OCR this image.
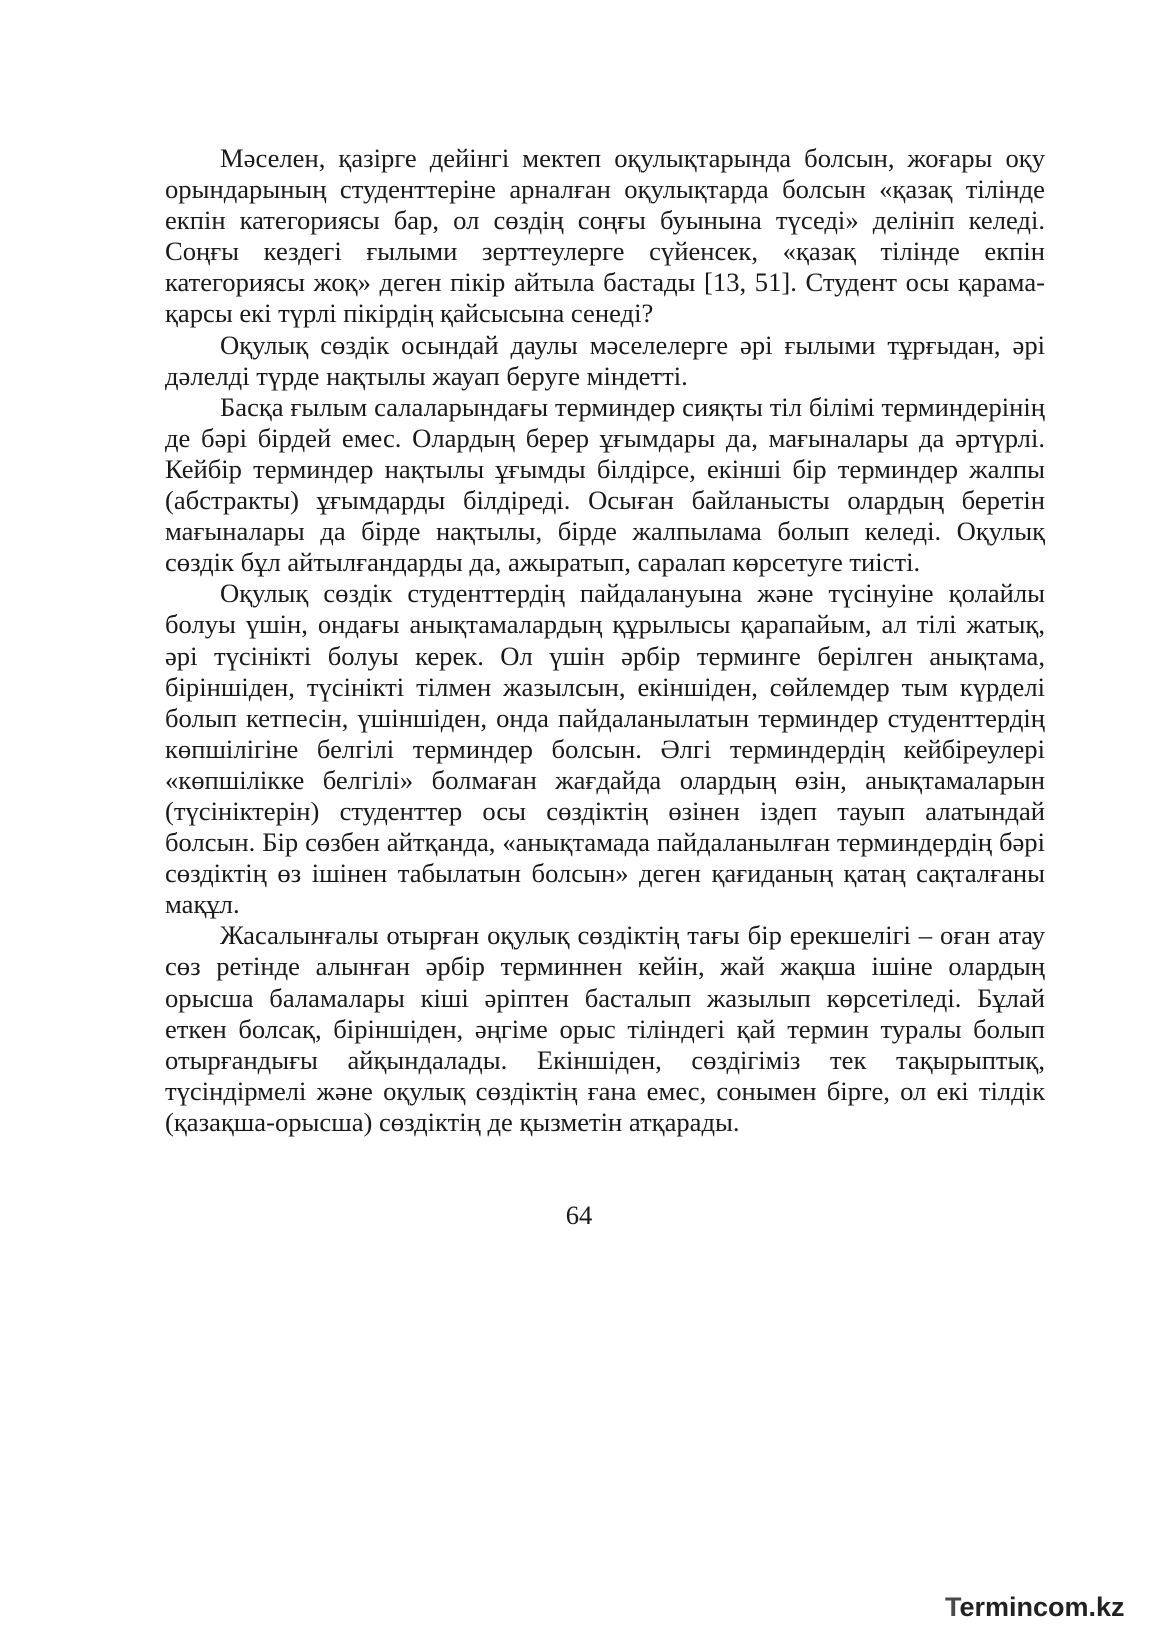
Мәселен, қазірге дейінгі мектеп оқулықтарында болсын, жоғары оқу орындарының студенттеріне арналған оқулықтарда болсын «қазақ тілінде екпін категориясы бар, ол сөздің соңғы буынына түседі» делініп келеді. Соңғы кездегі ғылыми зерттеулерге сүйенсек, «қазақ тілінде екпін категориясы жоқ» деген пікір айтыла бастады [13, 51]. Студент осы қарама-қарсы екі түрлі пікірдің қайсысына сенеді?

Оқулық сөздік осындай даулы мәселелерге әрі ғылыми тұрғыдан, әрі дәлелді түрде нақтылы жауап беруге міндетті.

Басқа ғылым салаларындағы терминдер сияқты тіл білімі терминдерінің де бәрі бірдей емес. Олардың берер ұғымдары да, мағыналары да әртүрлі. Кейбір терминдер нақтылы ұғымды білдірсе, екінші бір терминдер жалпы (абстракты) ұғымдарды білдіреді. Осыған байланысты олардың беретін мағыналары да бірде нақтылы, бірде жалпылама болып келеді. Оқулық сөздік бұл айтылғандарды да, ажыратып, саралап көрсетуге тиісті.

Оқулық сөздік студенттердің пайдалануына және түсінуіне қолайлы болуы үшін, ондағы анықтамалардың құрылысы қарапайым, ал тілі жатық, әрі түсінікті болуы керек. Ол үшін әрбір терминге берілген анықтама, біріншіден, түсінікті тілмен жазылсын, екіншіден, сөйлемдер тым күрделі болып кетпесін, үшіншіден, онда пайдаланылатын терминдер студенттердің көпшілігіне белгілі терминдер болсын. Әлгі терминдердің кейбіреулері «көпшілікке белгілі» болмаған жағдайда олардың өзін, анықтамаларын (түсініктерін) студенттер осы сөздіктің өзінен іздеп тауып алатындай болсын. Бір сөзбен айтқанда, «анықтамада пайдаланылған терминдердің бәрі сөздіктің өз ішінен табылатын болсын» деген қағиданың қатаң сақталғаны мақұл.

Жасалынғалы отырған оқулық сөздіктің тағы бір ерекшелігі – оған атау сөз ретінде алынған әрбір терминнен кейін, жай жақша ішіне олардың орысша баламалары кіші әріптен басталып жазылып көрсетіледі. Бұлай еткен болсақ, біріншіден, әңгіме орыс тіліндегі қай термин туралы болып отырғандығы айқындалады. Екіншіден, сөздігіміз тек тақырыптық, түсіндірмелі және оқулық сөздіктің ғана емес, сонымен бірге, ол екі тілдік (қазақша-орысша) сөздіктің де қызметін атқарады.

64
Termincom.kz
